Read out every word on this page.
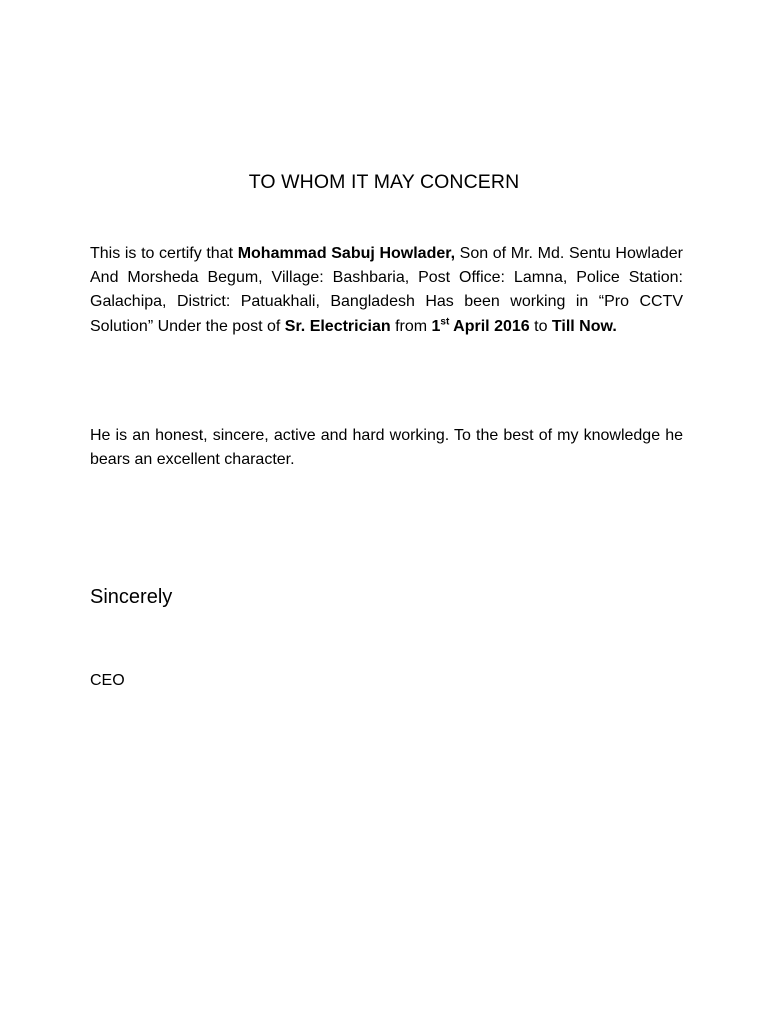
TO WHOM IT MAY CONCERN
This is to certify that Mohammad Sabuj Howlader, Son of Mr. Md. Sentu Howlader And Morsheda Begum, Village: Bashbaria, Post Office: Lamna, Police Station: Galachipa, District: Patuakhali, Bangladesh Has been working in “Pro CCTV Solution” Under the post of Sr. Electrician from 1st April 2016 to Till Now.
He is an honest, sincere, active and hard working. To the best of my knowledge he bears an excellent character.
Sincerely
CEO
